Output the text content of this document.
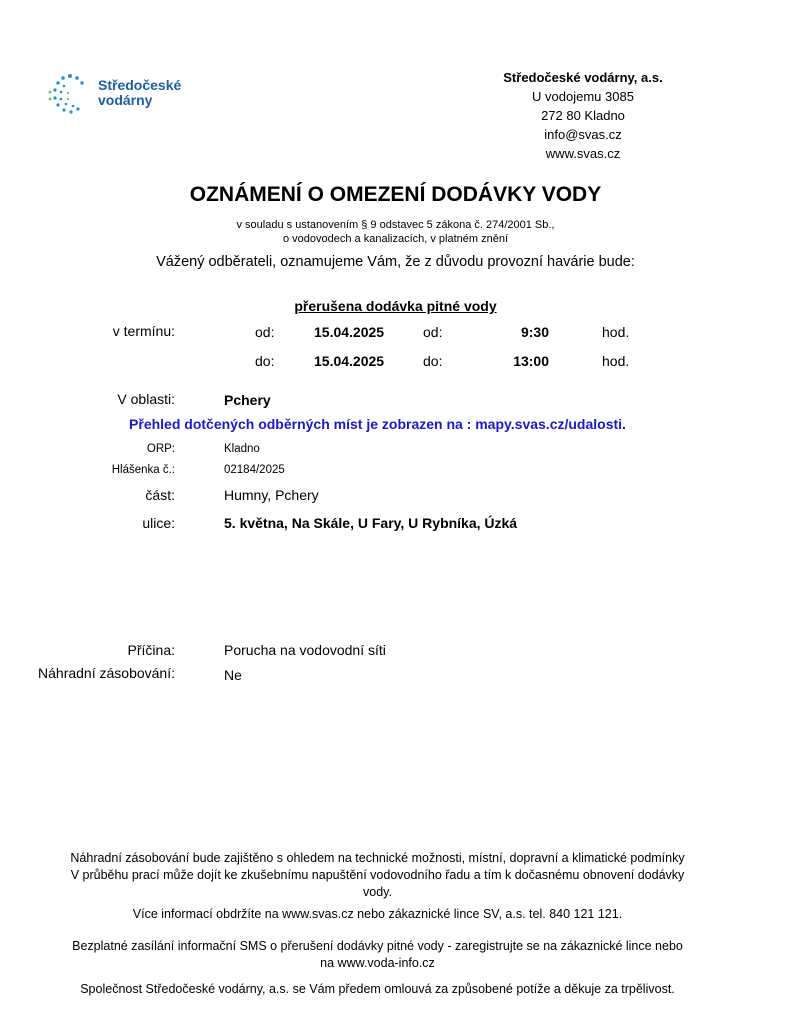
Středočeské
vodárny
Středočeské vodárny, a.s.
U vodojemu 3085
272 80 Kladno
info@svas.cz
www.svas.cz
OZNÁMENÍ O OMEZENÍ DODÁVKY VODY
v souladu s ustanovením § 9 odstavec 5 zákona č. 274/2001 Sb.,
o vodovodech a kanalizacích, v platném znění
Vážený odběrateli, oznamujeme Vám, že z důvodu provozní havárie bude:
přerušena dodávka pitné vody
v termínu:	od:	15.04.2025	od:	9:30	hod.
do:	15.04.2025	do:	13:00	hod.
V oblasti:	Pchery
Přehled dotčených odběrných míst je zobrazen na : mapy.svas.cz/udalosti.
ORP:	Kladno
Hlášenka č.:	02184/2025
část:	Humny, Pchery
ulice:	5. května, Na Skále, U Fary, U Rybníka, Úzká
Příčina:	Porucha na vodovodní síti
Náhradní zásobování:	Ne
Náhradní zásobování bude zajištěno s ohledem na technické možnosti, místní, dopravní a klimatické podmínky
V průběhu prací může dojít ke zkušebnímu napuštění vodovodního řadu a tím k dočasnému obnovení dodávky
vody.
Více informací obdržíte na www.svas.cz nebo zákaznické lince SV, a.s. tel. 840 121 121.
Bezplatné zasílání informační SMS o přerušení dodávky pitné vody - zaregistrujte se na zákaznické lince nebo
na www.voda-info.cz
Společnost Středočeské vodárny, a.s. se Vám předem omlouvá za způsobené potíže a děkuje za trpělivost.
